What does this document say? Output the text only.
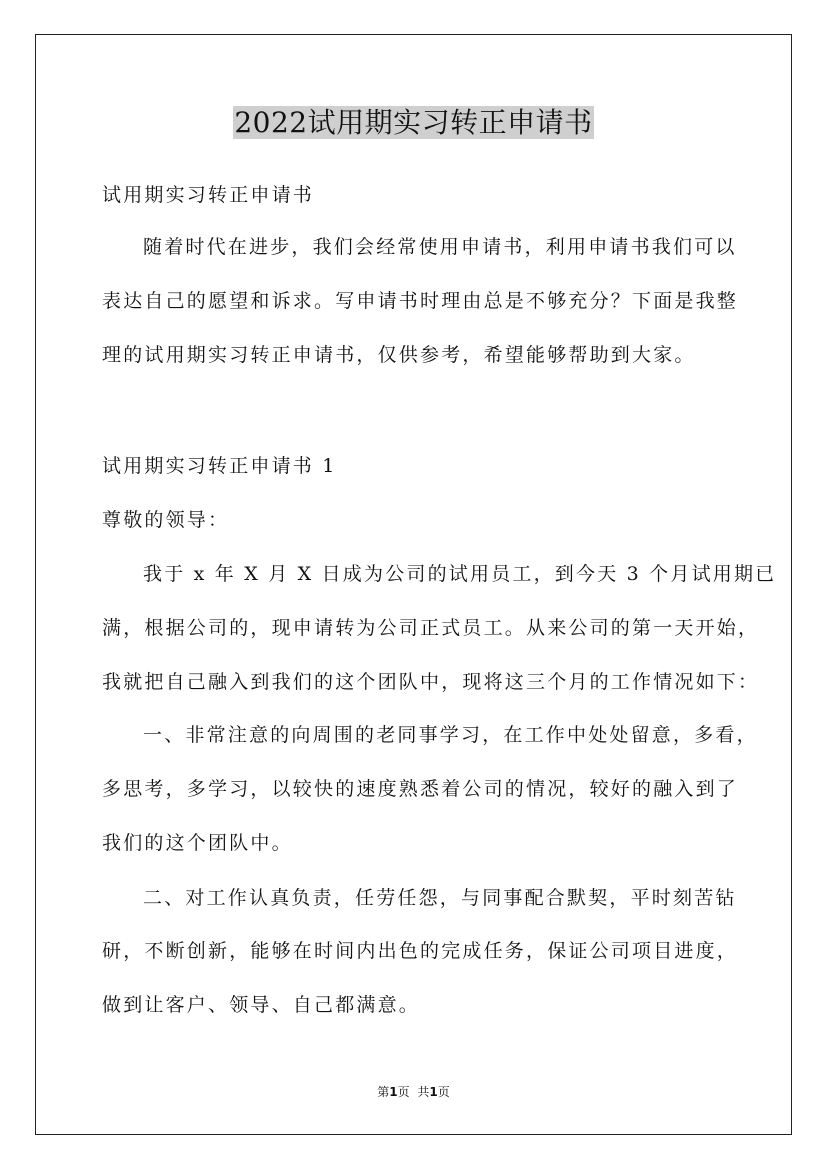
2022试用期实习转正申请书
试用期实习转正申请书
随着时代在进步，我们会经常使用申请书，利用申请书我们可以
表达自己的愿望和诉求。写申请书时理由总是不够充分？下面是我整
理的试用期实习转正申请书，仅供参考，希望能够帮助到大家。
试用期实习转正申请书 1
尊敬的领导：
我于 x 年 X 月 X 日成为公司的试用员工，到今天 3 个月试用期已
满，根据公司的，现申请转为公司正式员工。从来公司的第一天开始，
我就把自己融入到我们的这个团队中，现将这三个月的工作情况如下：
一、非常注意的向周围的老同事学习，在工作中处处留意，多看，
多思考，多学习，以较快的速度熟悉着公司的情况，较好的融入到了
我们的这个团队中。
二、对工作认真负责，任劳任怨，与同事配合默契，平时刻苦钻
研，不断创新，能够在时间内出色的完成任务，保证公司项目进度，
做到让客户、领导、自己都满意。
第1页 共1页
